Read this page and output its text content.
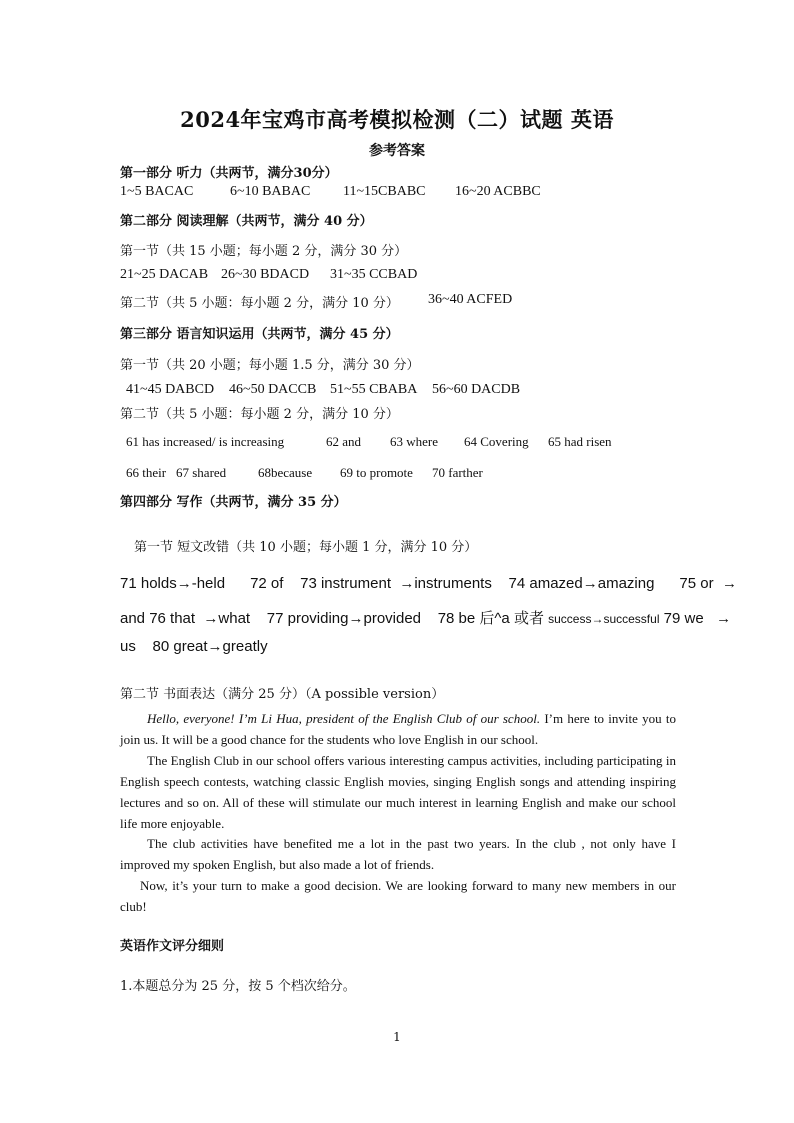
2024年宝鸡市高考模拟检测（二）试题 英语
参考答案
第一部分 听力（共两节，满分30分）
1~5 BACAC	6~10 BABAC	11~15CBABC	16~20 ACBBC
第二部分 阅读理解（共两节，满分 40 分）
第一节（共 15 小题；每小题 2 分，满分 30 分）
21~25 DACAB 26~30 BDACD	31~35 CCBAD
第二节（共 5 小题：每小题 2 分，满分 10 分） 36~40 ACFED
第三部分 语言知识运用（共两节，满分 45 分）
第一节（共 20 小题；每小题 1.5 分，满分 30 分）
41~45 DABCD	46~50 DACCB 51~55 CBABA	56~60 DACDB
第二节（共 5 小题：每小题 2 分，满分 10 分）
61 has increased/ is increasing	62 and	63 where	64 Covering	65 had risen
66 their 67 shared	68because	69 to promote	70 farther
第四部分 写作（共两节，满分 35 分）
第一节 短文改错（共 10 小题；每小题 1 分，满分 10 分）
71 holds→-held      72 of    73 instrument  →instruments    74 amazed→amazing      75 or  →
and 76 that  →what    77 providing→provided    78 be 后^a 或者 success→successful 79 we   →
us    80 great→greatly
第二节 书面表达（满分 25 分）（A possible version）
Hello, everyone! I’m Li Hua, president of the English Club of our school. I’m here to invite you to join us. It will be a good chance for the students who love English in our school.
The English Club in our school offers various interesting campus activities, including participating in English speech contests, watching classic English movies, singing English songs and attending inspiring lectures and so on. All of these will stimulate our much interest in learning English and make our school life more enjoyable.
The club activities have benefited me a lot in the past two years. In the club , not only have I improved my spoken English, but also made a lot of friends.
Now, it’s your turn to make a good decision. We are looking forward to many new members in our club!
英语作文评分细则
1.本题总分为 25 分，按 5 个档次给分。
1
